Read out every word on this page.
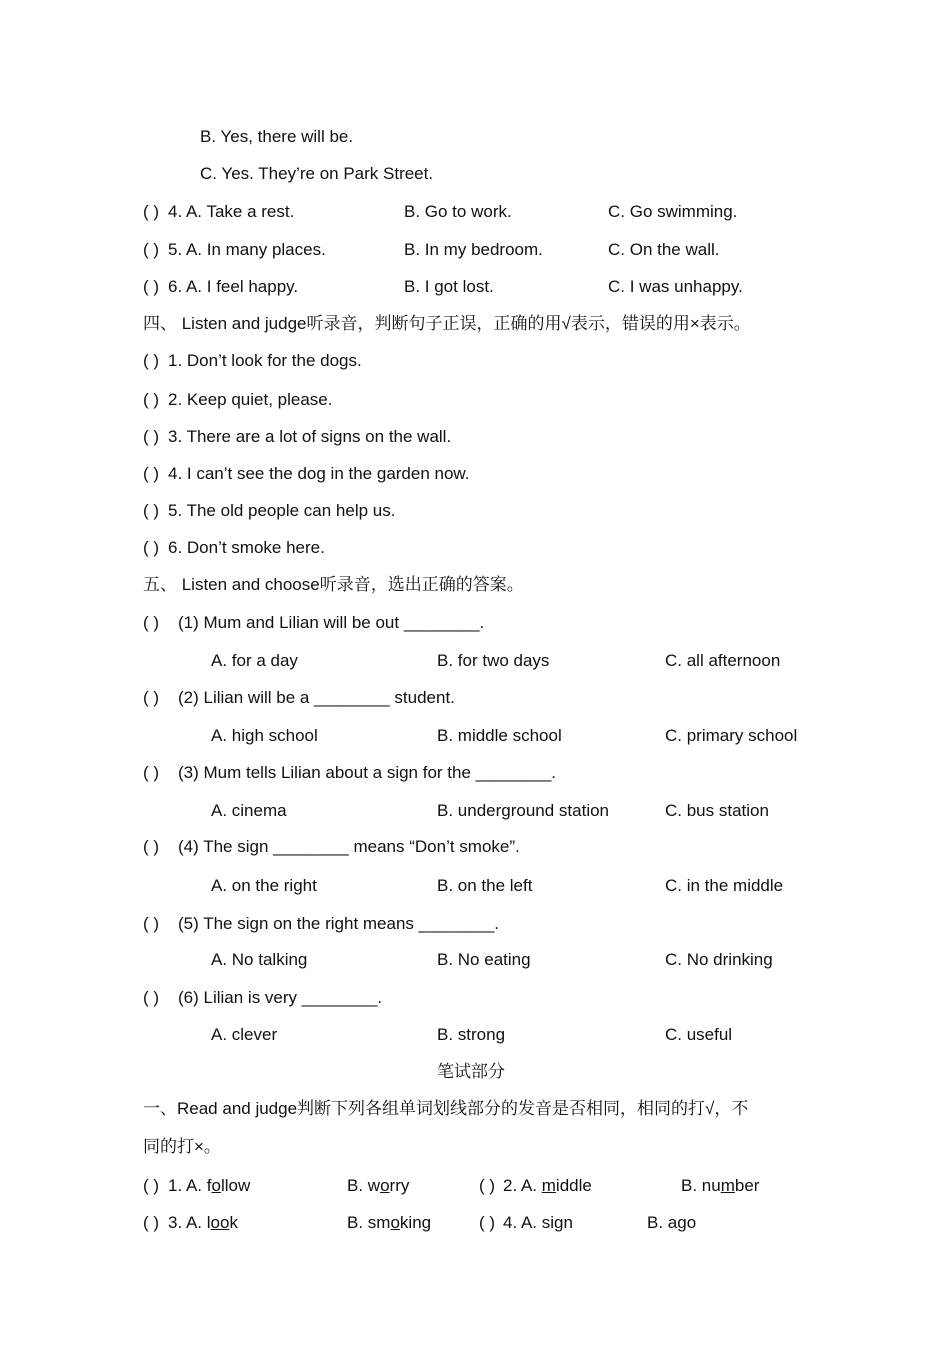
B. Yes, there will be.
C. Yes. They’re on Park Street.
( ) 4. A. Take a rest.	B. Go to work.	C. Go swimming.
( ) 5. A. In many places.	B. In my bedroom.	C. On the wall.
( ) 6. A. I feel happy.	B. I got lost.	C. I was unhappy.
四、 Listen and judge听录音，判断句子正误，正确的用√表示，错误的用×表示。
( ) 1. Don’t look for the dogs.
( ) 2. Keep quiet, please.
( ) 3. There are a lot of signs on the wall.
( ) 4. I can’t see the dog in the garden now.
( ) 5. The old people can help us.
( ) 6. Don’t smoke here.
五、 Listen and choose听录音，选出正确的答案。
( ) (1) Mum and Lilian will be out ________.
A. for a day	B. for two days	C. all afternoon
( ) (2) Lilian will be a ________ student.
A. high school	B. middle school	C. primary school
( ) (3) Mum tells Lilian about a sign for the ________.
A. cinema	B. underground station	C. bus station
( ) (4) The sign ________ means “Don’t smoke”.
A. on the right	B. on the left	C. in the middle
( ) (5) The sign on the right means ________.
A. No talking	B. No eating	C. No drinking
( ) (6) Lilian is very ________.
A. clever	B. strong	C. useful
笔试部分
一、Read and judge判断下列各组单词划线部分的发音是否相同，相同的打√，不
同的打×。
( ) 1. A. follow	B. worry	( ) 2. A. middle	B. number
( ) 3. A. look	B. smoking	( ) 4. A. sign	B. ago
